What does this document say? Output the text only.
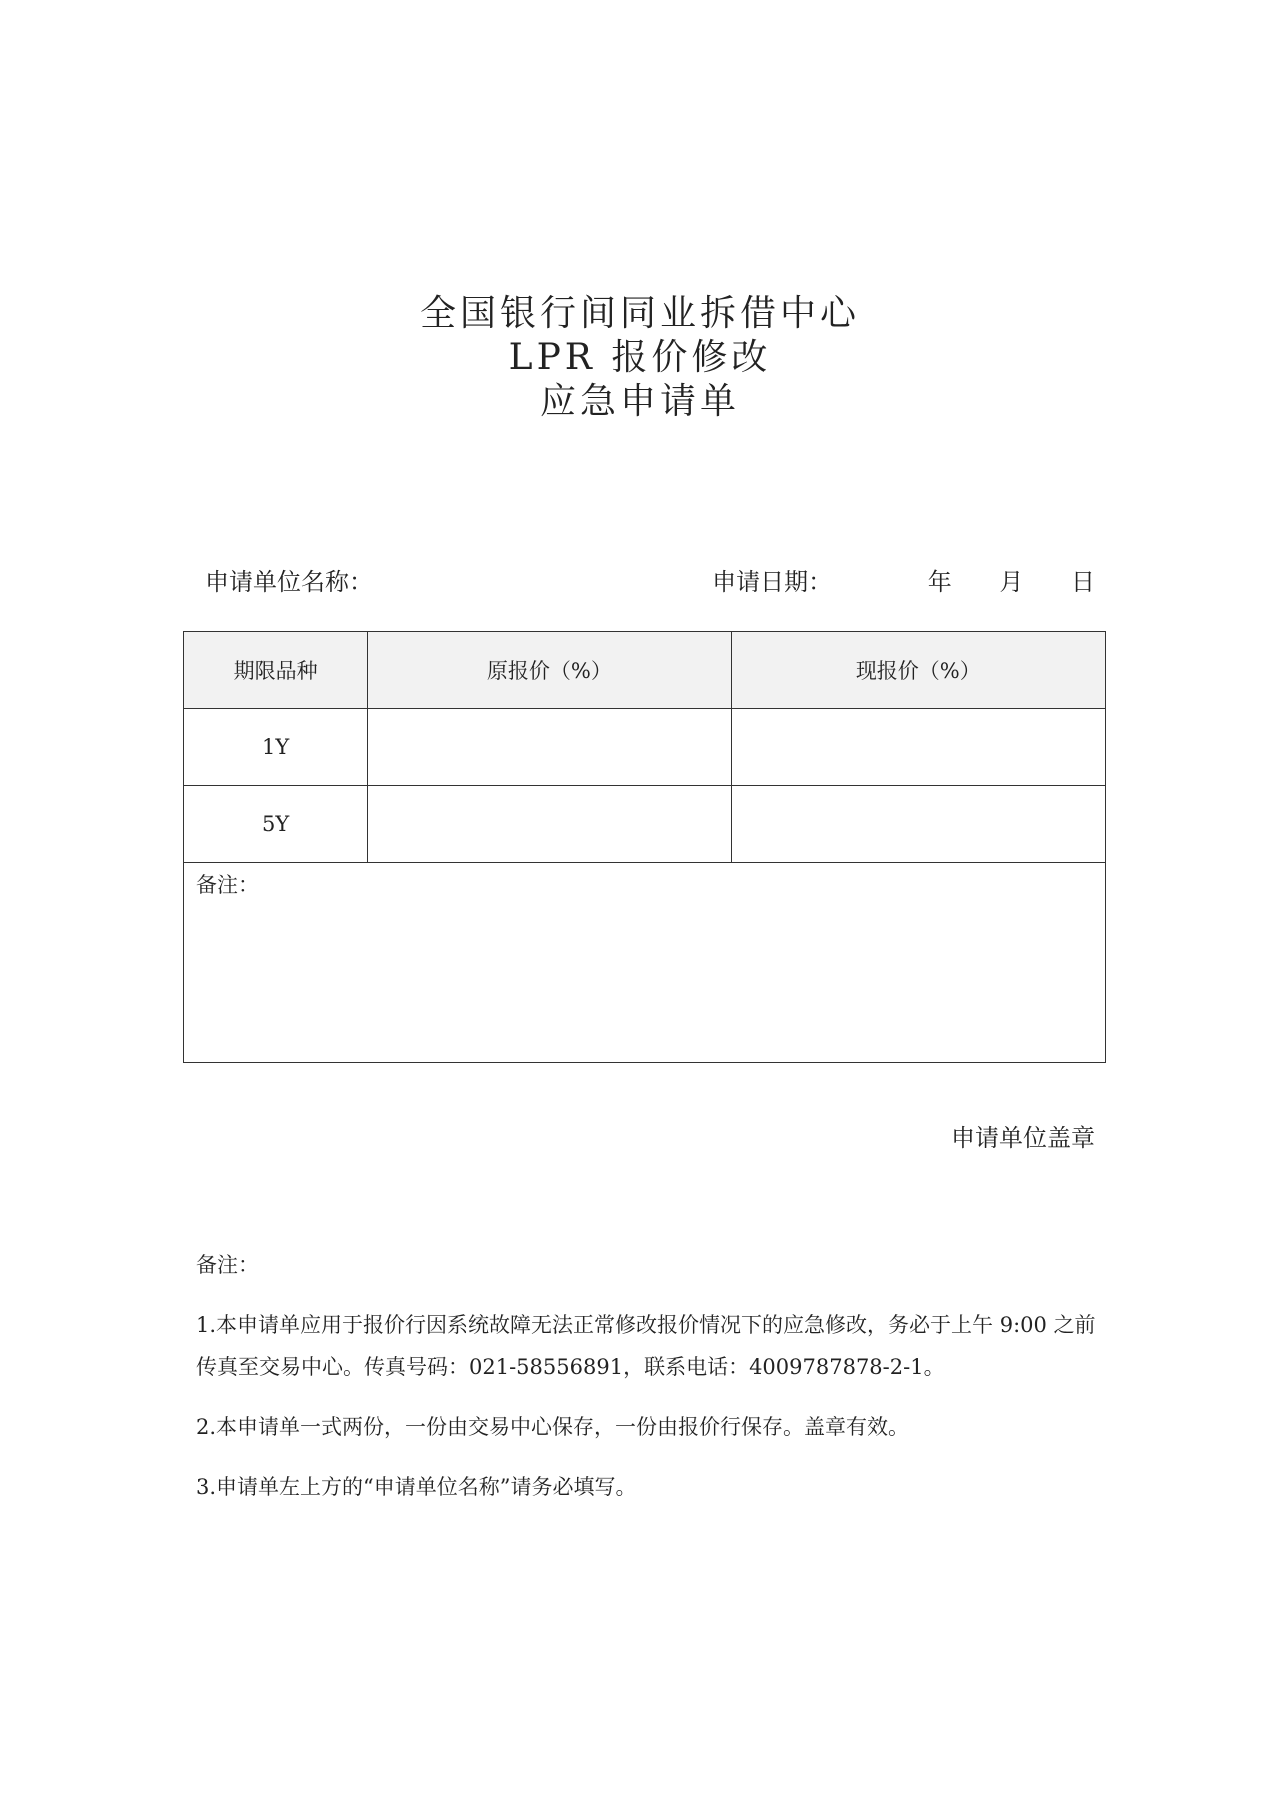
全国银行间同业拆借中心
LPR 报价修改
应急申请单
申请单位名称：	申请日期：	年 月 日
期限品种	原报价（%）	现报价（%）
1Y		
5Y		
备注：		
申请单位盖章

备注：

1.本申请单应用于报价行因系统故障无法正常修改报价情况下的应急修改，务必于上午 9:00 之前传真至交易中心。传真号码：021-58556891，联系电话：4009787878-2-1。

2.本申请单一式两份，一份由交易中心保存，一份由报价行保存。盖章有效。

3.申请单左上方的“申请单位名称”请务必填写。
